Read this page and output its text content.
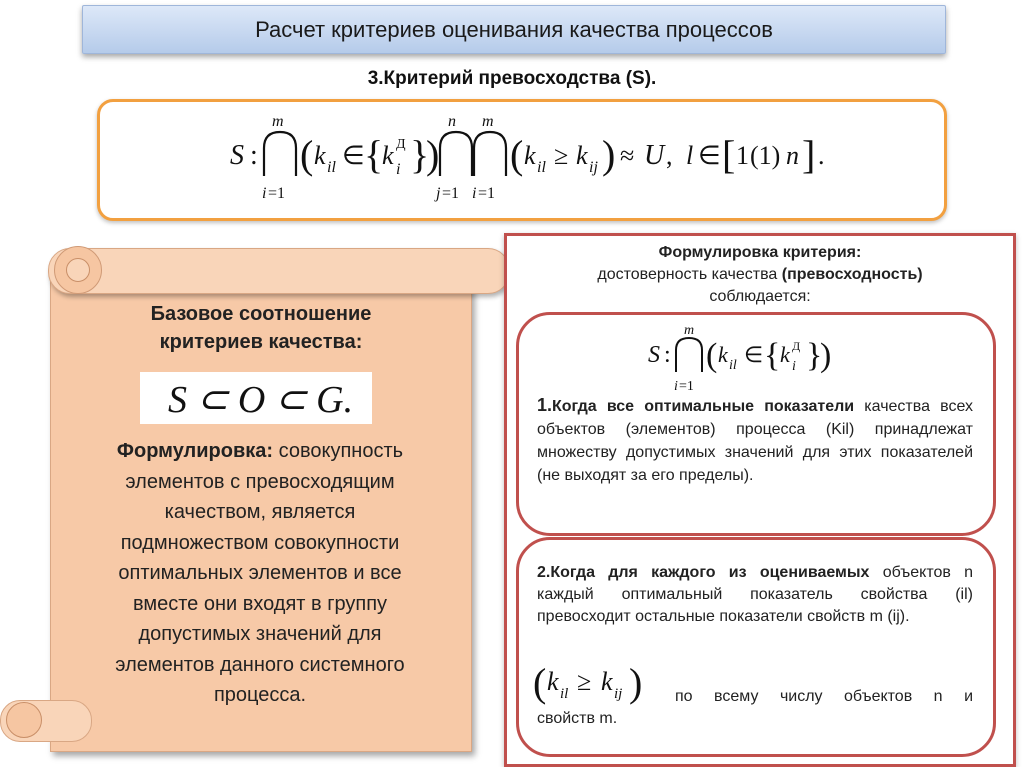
Расчет критериев оценивания качества процессов
3.Критерий превосходства (S).
S :
m
i =1
( k il ∈ {
k i
Д }
)
n
j =1
m
i =1
( k il ≥ k ij ) ≈ U , l ∈ [ 1 (1) n ] .
Базовое соотношение
критериев качества:
S ⊂ O ⊂ G.
Формулировка: совокупность
элементов с превосходящим
качеством, является
подмножеством совокупности
оптимальных элементов и все
вместе они входят в группу
допустимых значений для
элементов данного системного
процесса.
Формулировка критерия:
достоверность качества (превосходность)
соблюдается:
S :
m
i =1
( k il ∈ { k i
Д }
)
1.Когда все оптимальные показатели качества всех объектов (элементов) процесса (Kil) принадлежат множеству допустимых значений для этих показателей (не выходят за его пределы).
2.Когда для каждого из оцениваемых объектов n каждый оптимальный показатель свойства (il) превосходит остальные показатели свойств m (ij).
( k il ≥ k ij ) по всему числу объектов n и
свойств m.
